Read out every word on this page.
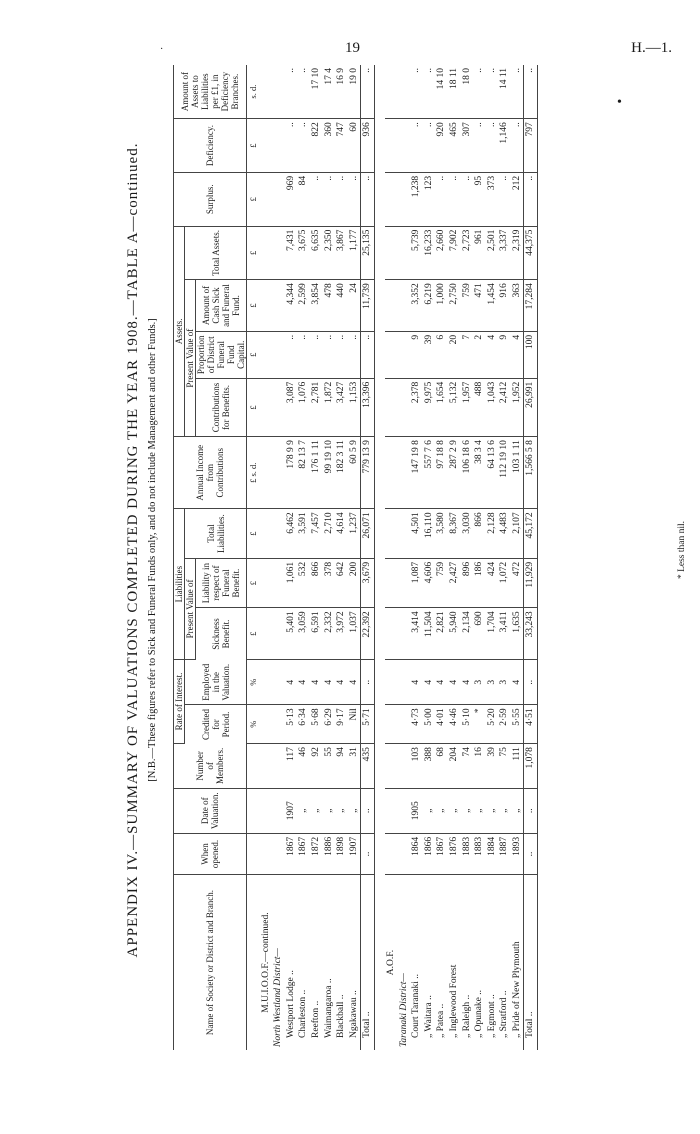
19	H.—1.
·
•
APPENDIX IV.—SUMMARY OF VALUATIONS COMPLETED DURING THE YEAR 1908.—TABLE A—continued. [N.B.—These figures refer to Sick and Funeral Funds only, and do not include Management and other Funds.]
Name of Society or District and Branch.	When opened.	Date of Valuation.	Number of Members.	Rate of Interest.		Liabilities			Annual Income from Contributions	Assets.				Surplus.	Deficiency.	Amount of Assets to Liabilities per £1, in Deficiency Branches.
				Credited for Period.	Employed in the Valuation.	Present Value of		Total Liabilities.		Present Value of			Total Assets.			
						Sickness Benefit.	Liability in respect of Funeral Benefit.			Contributions for Benefits.	Proportion of District Funeral Fund Capital.	Amount of Cash Sick and Funeral Fund.				
				%	%	£	£	£	£ s. d.	£	£	£	£	£	£	s. d.
M.U.I.O.O.F.—continued.																
North Westland District—																
Westport Lodge ..	1867	1907	117	5·13	4	5,401	1,061	6,462	178 9 9	3,087	..	4,344	7,431	969	..	..
Charleston ..	1867	„	46	6·34	4	3,059	532	3,591	82 13 7	1,076	..	2,599	3,675	84	..	..
Reefton ..	1872	„	92	5·68	4	6,591	866	7,457	176 1 11	2,781	..	3,854	6,635	..	822	17 10
Waimangaroa ..	1886	„	55	6·29	4	2,332	378	2,710	99 19 10	1,872	..	478	2,350	..	360	17 4
Blackball ..	1898	„	94	9·17	4	3,972	642	4,614	182 3 11	3,427	..	440	3,867	..	747	16 9
Ngakawau ..	1907	„	31	Nil	4	1,037	200	1,237	60 5 9	1,153	..	24	1,177	..	60	19 0
Total ..	..	..	435	5·71	..	22,392	3,679	26,071	779 13 9	13,396	..	11,739	25,135	..	936	..

A.O.F.																
Taranaki District—																
Court Taranaki ..	1864	1905	103	4·73	4	3,414	1,087	4,501	147 19 8	2,378	9	3,352	5,739	1,238	..	..
„ Waitara ..	1866	„	388	5·00	4	11,504	4,606	16,110	557 7 6	9,975	39	6,219	16,233	123	..	..
„ Patea ..	1867	„	68	4·01	4	2,821	759	3,580	97 18 8	1,654	6	1,000	2,660	..	920	14 10
„ Inglewood Forest	1876	„	204	4·46	4	5,940	2,427	8,367	287 2 9	5,132	20	2,750	7,902	..	465	18 11
„ Raleigh ..	1883	„	74	5·10	4	2,134	896	3,030	106 18 6	1,957	7	759	2,723	..	307	18 0
„ Opunake ..	1883	„	16	*	3	690	186	866	38 3 4	488	2	471	961	95	..	..
„ Egmont ..	1884	„	39	5·20	3	1,704	424	2,128	64 13 6	1,043	4	1,454	2,501	373	..	..
„ Stratford ..	1887	„	75	2·59	3	3,411	1,072	4,483	112 19 10	2,412	9	916	3,337	..	1,146	14 11
„ Pride of New Plymouth	1893	„	111	5·55	4	1,635	472	2,107	103 1 11	1,952	4	363	2,319	212	..	..
Total ..	..	..	1,078	4·51	..	33,243	11,929	45,172	1,566 5 8	26,991	100	17,284	44,375	..	797	..
* Less than nil.
